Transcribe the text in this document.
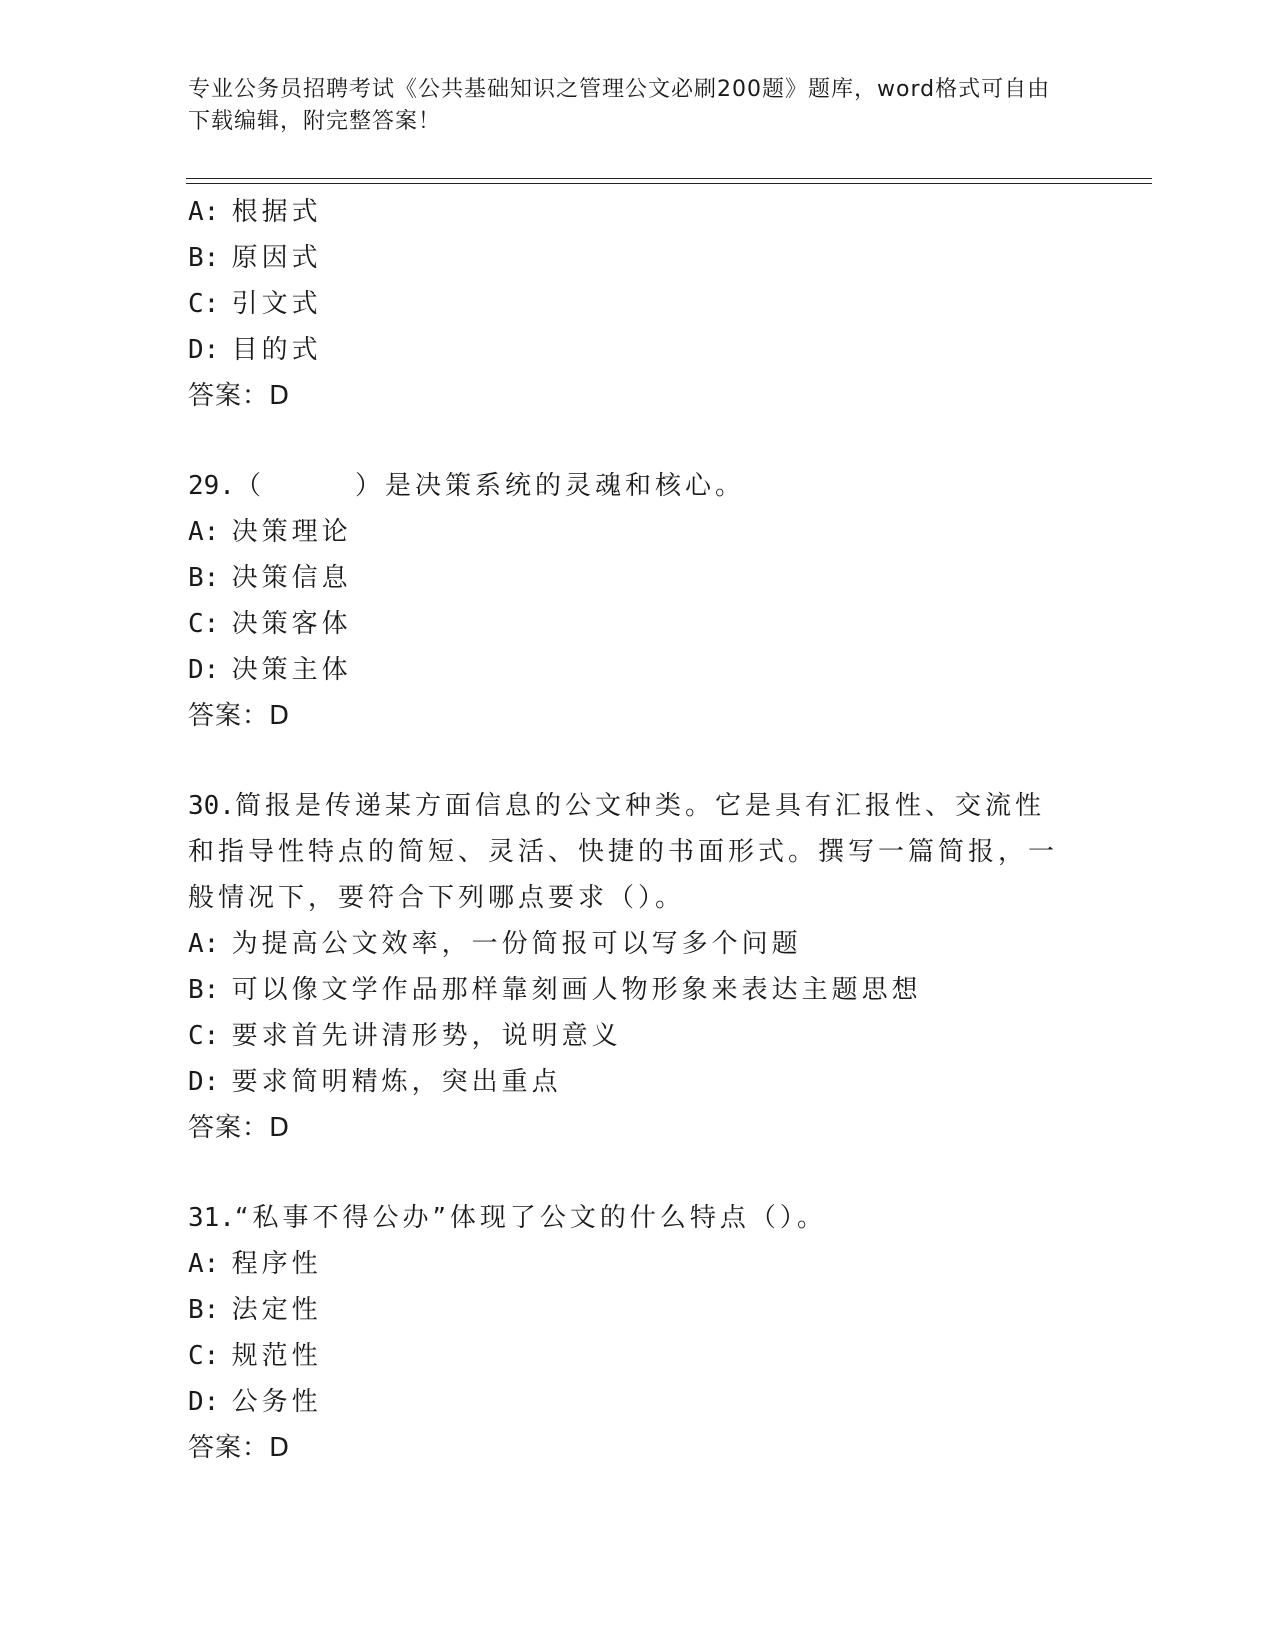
专业公务员招聘考试《公共基础知识之管理公文必刷200题》题库，word格式可自由下载编辑，附完整答案！
A: 根据式
B: 原因式
C: 引文式
D: 目的式
答案：D
29.（　　　）是决策系统的灵魂和核心。
A: 决策理论
B: 决策信息
C: 决策客体
D: 决策主体
答案：D
30.简报是传递某方面信息的公文种类。它是具有汇报性、交流性和指导性特点的简短、灵活、快捷的书面形式。撰写一篇简报，一般情况下，要符合下列哪点要求（）。
A: 为提高公文效率，一份简报可以写多个问题
B: 可以像文学作品那样靠刻画人物形象来表达主题思想
C: 要求首先讲清形势，说明意义
D: 要求简明精炼，突出重点
答案：D
31.“私事不得公办”体现了公文的什么特点（）。
A: 程序性
B: 法定性
C: 规范性
D: 公务性
答案：D
